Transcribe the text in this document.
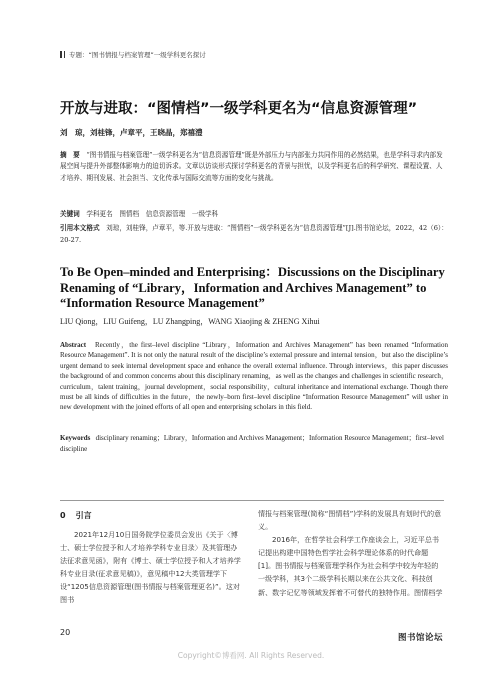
专题：“图书情报与档案管理”一级学科更名探讨
开放与进取：“图情档”一级学科更名为“信息资源管理”
刘　琼，刘桂锋，卢章平，王晓晶，郑禧澧
摘　要　 “图书情报与档案管理”一级学科更名为“信息资源管理”既是外部压力与内部张力共同作用的必然结果，也是学科寻求内部发展空间与提升外部整体影响力的迫切诉求。文章以访谈形式探讨学科更名的背景与担忧，以及学科更名后的科学研究、课程设置、人才培养、期刊发展、社会担当、文化传承与国际交流等方面的变化与挑战。
关键词　 学科更名　图情档　信息资源管理　一级学科
引用本文格式　 刘琼，刘桂锋，卢章平，等.开放与进取：“图情档”一级学科更名为“信息资源管理”[J].图书馆论坛，2022，42（6）：20-27.
To Be Open–minded and Enterprising：Discussions on the Disciplinary Renaming of “Library，Information and Archives Management” to “Information Resource Management”
LIU Qiong，LIU Guifeng，LU Zhangping，WANG Xiaojing & ZHENG Xihui
Abstract Recently，the first–level discipline “Library，Information and Archives Management” has been renamed “Information Resource Management”. It is not only the natural result of the discipline’s external pressure and internal tension，but also the discipline’s urgent demand to seek internal development space and enhance the overall external influence. Through interviews，this paper discusses the background of and common concerns about this disciplinary renaming，as well as the changes and challenges in scientific research，curriculum，talent training，journal development，social responsibility，cultural inheritance and international exchange. Though there must be all kinds of difficulties in the future，the newly–born first–level discipline “Information Resource Management” will usher in new development with the joined efforts of all open and enterprising scholars in this field.
Keywords disciplinary renaming；Library，Information and Archives Management；Information Resource Management；first–level discipline
0 引言

2021年12月10日国务院学位委员会发出《关于〈博士、硕士学位授予和人才培养学科专业目录〉及其管理办法征求意见函》，附有《博士、硕士学位授予和人才培养学科专业目录(征求意见稿)》，意见稿中12大类管理学下设“1205信息资源管理(图书情报与档案管理更名)”。这对图书

情报与档案管理(简称“图情档”)学科的发展具有划时代的意义。

2016年，在哲学社会科学工作座谈会上，习近平总书记提出构建中国特色哲学社会科学理论体系的时代命题[1]。图书情报与档案管理学科作为社会科学中较为年轻的一级学科，其3个二级学科长期以来在公共文化、科技创新、数字记忆等领域发挥着不可替代的独特作用。图情档学

20
图书馆论坛
Copyright©博看网. All Rights Reserved.
